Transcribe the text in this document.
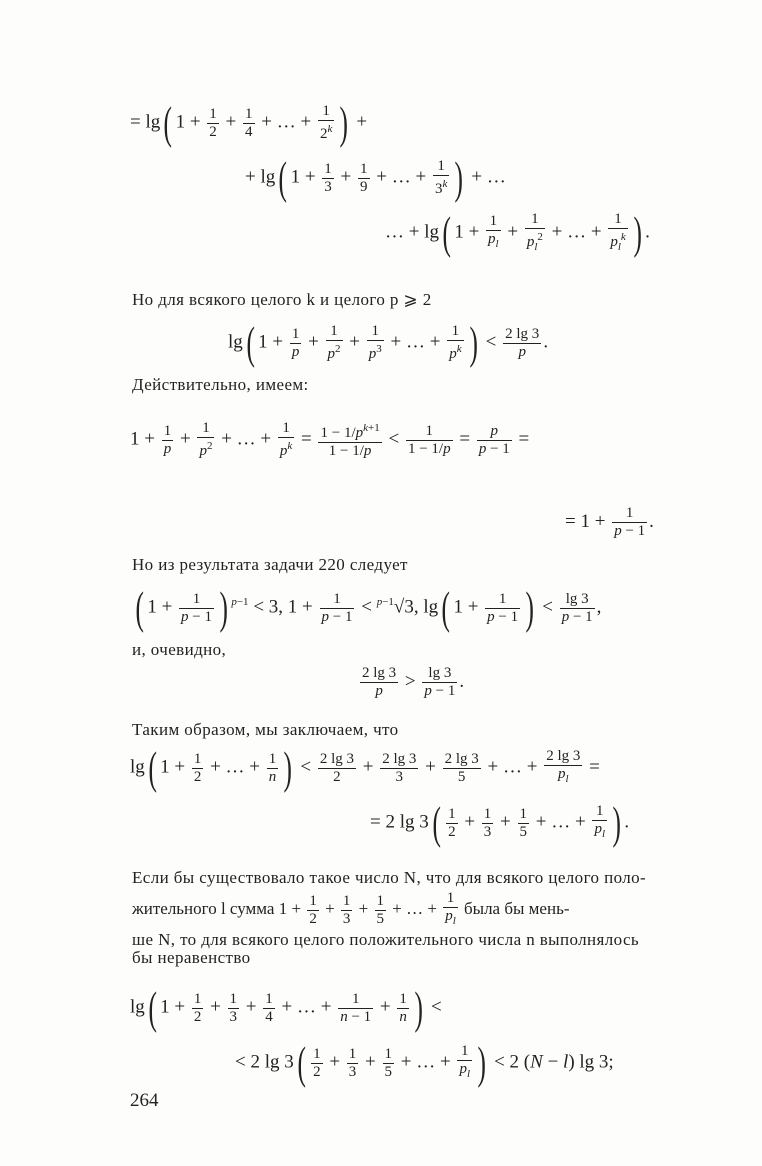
= lg( $1 + \frac{1}{2} + \frac{1}{4}$ + … + $\frac{1}{2^k}$ ) +
+ lg( $1 + \frac{1}{3} + \frac{1}{9}$ + … + $\frac{1}{3^k}$ ) + …
… + lg( $1 + \frac{1}{p_l} + \frac{1}{p_l^2}$ + … + $\frac{1}{p_l^k}$ ) .
Но для всякого целого k и целого p ⩾ 2
lg( $1 + \frac{1}{p} + \frac{1}{p^2} + \frac{1}{p^3}$ + … + $\frac{1}{p^k}$ ) < $\frac{2 \lg 3}{p}$ .
Действительно, имеем:
$1 + \frac{1}{p} + \frac{1}{p^2}$ + … + $\frac{1}{p^k} = \frac{1 - 1/p^{k+1}}{1 - 1/p} < \frac{1}{1 - 1/p} = \frac{p}{p - 1}$ =
= $1 + \frac{1}{p - 1}$ .
Но из результата задачи 220 следует
( $1 + \frac{1}{p - 1}$ ) $^{p-1}$ < 3, $1 + \frac{1}{p - 1} < ^{p-1}√3$, lg( $1 + \frac{1}{p - 1}$ ) < $\frac{\lg 3}{p - 1}$ ,
и, очевидно,
$\frac{2 \lg 3}{p} > \frac{\lg 3}{p - 1}$ .
Таким образом, мы заключаем, что
lg( $1 + \frac{1}{2}$ + … + $\frac{1}{n}$ ) < $\frac{2 \lg 3}{2} + \frac{2 \lg 3}{3} + \frac{2 \lg 3}{5}$ + … + $\frac{2 \lg 3}{p_l}$ =
= 2 $\lg 3( \frac{1}{2} + \frac{1}{3} + \frac{1}{5}$ + … + $\frac{1}{p_l}$ ) .
Если бы существовало такое число N, что для всякого целого поло-
жительного l сумма $1 + \frac{1}{2} + \frac{1}{3} + \frac{1}{5}$ + … + $\frac{1}{p_l}$ была бы мень-
ше N, то для всякого целого положительного числа n выполнялось
бы неравенство
lg( $1 + \frac{1}{2} + \frac{1}{3} + \frac{1}{4}$ + … + $\frac{1}{n - 1} + \frac{1}{n}$ ) <
< 2 $\lg 3( \frac{1}{2} + \frac{1}{3} + \frac{1}{5}$ + … + $\frac{1}{p_l}$ ) < 2 (N − l) lg 3;
264
